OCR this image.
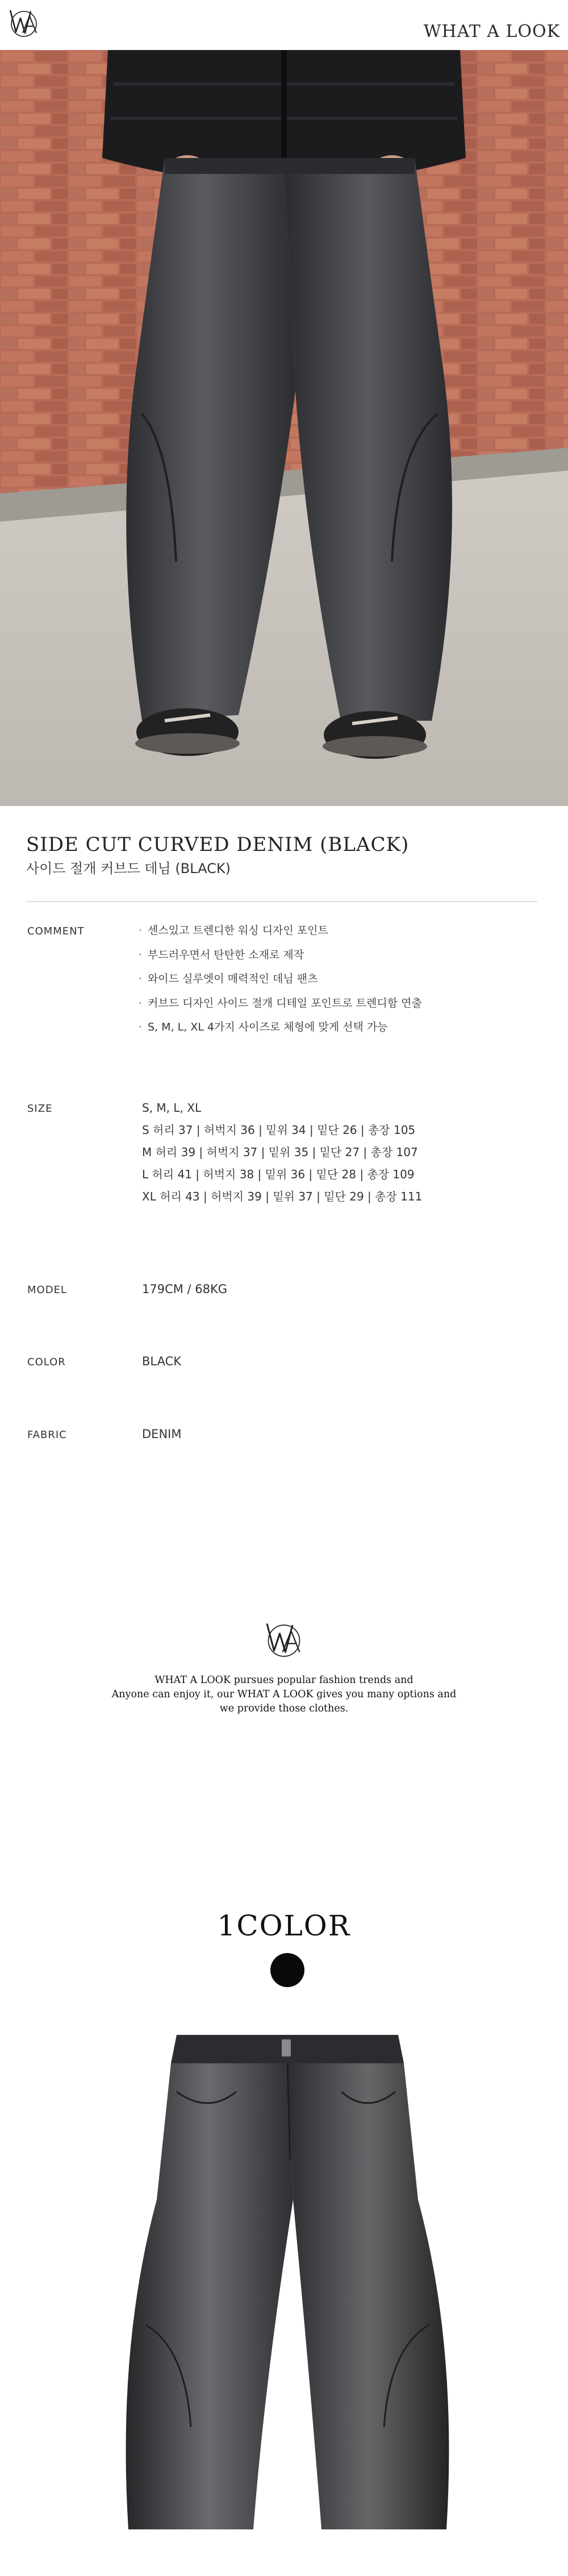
WHAT A LOOK
SIDE CUT CURVED DENIM (BLACK)
사이드 절개 커브드 데님 (BLACK)
COMMENT	· 센스있고 트렌디한 워싱 디자인 포인트
· 부드러우면서 탄탄한 소재로 제작
· 와이드 실루엣이 매력적인 데님 팬츠
· 커브드 디자인 사이드 절개 디테일 포인트로 트렌디함 연출
· S, M, L, XL 4가지 사이즈로 체형에 맞게 선택 가능
SIZE	S, M, L, XL
S 허리 37 | 허벅지 36 | 밑위 34 | 밑단 26 | 총장 105
M 허리 39 | 허벅지 37 | 밑위 35 | 밑단 27 | 총장 107
L 허리 41 | 허벅지 38 | 밑위 36 | 밑단 28 | 총장 109
XL 허리 43 | 허벅지 39 | 밑위 37 | 밑단 29 | 총장 111
MODEL	179CM / 68KG
COLOR	BLACK
FABRIC	DENIM
WHAT A LOOK pursues popular fashion trends and
Anyone can enjoy it, our WHAT A LOOK gives you many options and
we provide those clothes.
1COLOR
